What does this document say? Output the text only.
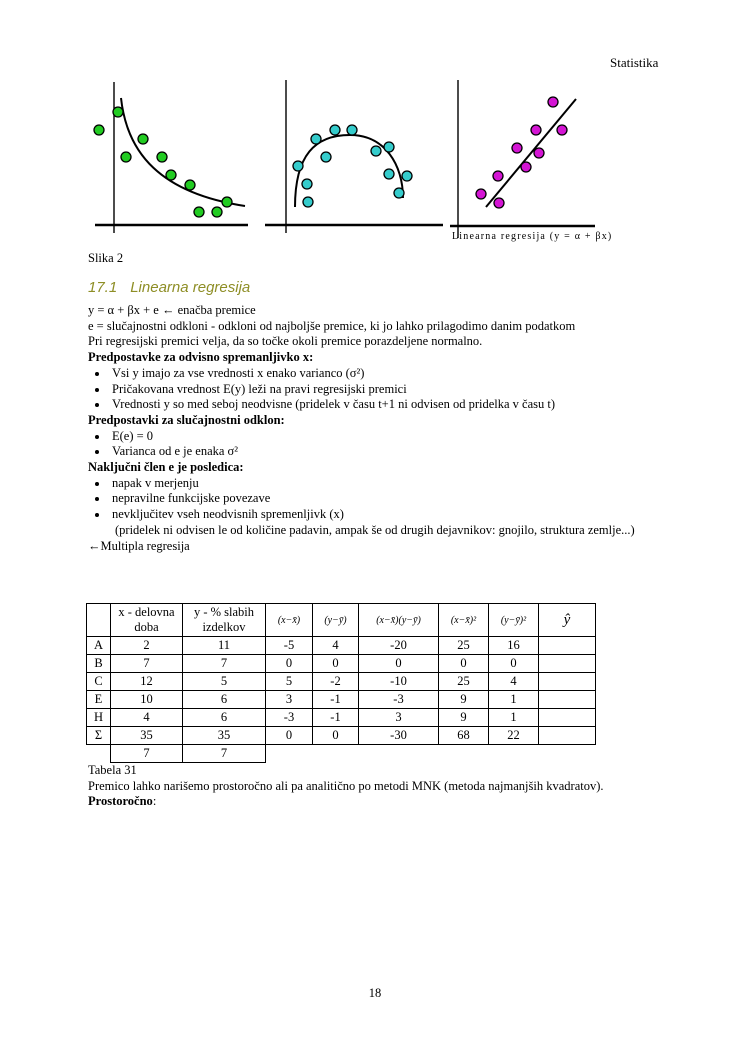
Statistika
Linearna regresija (y = α + βx)
Slika 2
17.1 Linearna regresija

y = α + βx + e ← enačba premice

e = slučajnostni odkloni - odkloni od najboljše premice, ki jo lahko prilagodimo danim podatkom

Pri regresijski premici velja, da so točke okoli premice porazdeljene normalno.

Predpostavke za odvisno spremanljivko x:

• Vsi y imajo za vse vrednosti x enako varianco (σ²)
• Pričakovana vrednost E(y) leži na pravi regresijski premici
• Vrednosti y so med seboj neodvisne (pridelek v času t+1 ni odvisen od pridelka v času t)

Predpostavki za slučajnostni odklon:

• E(e) = 0
• Varianca od e je enaka σ²

Naključni člen e je posledica:

• napak v merjenju
• nepravilne funkcijske povezave
• nevključitev vseh neodvisnih spremenljivk (x)

(pridelek ni odvisen le od količine padavin, ampak še od drugih dejavnikov: gnojilo, struktura zemlje...)

←Multipla regresija

	x - delovna doba	y - % slabih izdelkov	(x−x̄)	(y−ȳ)	(x−x̄)(y−ȳ)	(x−x̄)²	(y−ȳ)²	ŷ
A	2	11	-5	4	-20	25	16	
B	7	7	0	0	0	0	0	
C	12	5	5	-2	-10	25	4	
E	10	6	3	-1	-3	9	1	
H	4	6	-3	-1	3	9	1	
Σ	35	35	0	0	-30	68	22	
	7	7						

Tabela 31

Premico lahko narišemo prostoročno ali pa analitično po metodi MNK (metoda najmanjših kvadratov).

Prostoročno:

18
